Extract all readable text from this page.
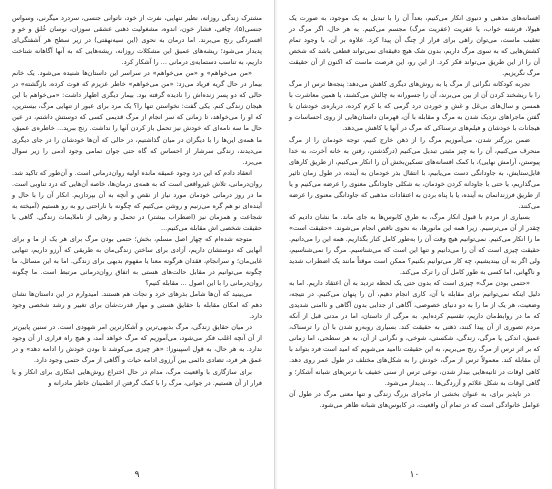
مشترک زندگی روزانه، نظیر تنهایی، نفرت از خود، ناتوانی جنسی، سردرد میگرنی، وسواس جنسی(۵)، چاقی، فشار خون، اندوه، مشغولیت ذهنی عشقی سوزان، نوسان خُلق و خو و افسردگی رنج می‌برند. اما درمان به نحوی (این سیه‌نهفتی) در زیر سطح هر آشفتگی‌ای پدیدار می‌شود؛ ریشه‌های عمیق این مشکلات روزانه، ریشه‌هایی که به آنها آگاهانه شناخت داریم، به تناسب دستمایه‌ی درمانی ... را آشکار کرد.

«من می‌خواهم» و «من می‌خواهم» در سراسر این داستان‌ها شنیده می‌شود. یک خانم بیمار در حال گریه فریاد می‌زد: «من می‌خواهم» خاطر عزیزم که فوت کرده، بازگشته» در حالی که دو پسر زنده‌اش را نادیده گرفته بود. بیمار دیگری اظهار داشت: «می‌خواهم با این هیجان زندگی کنم. یکی گفت: نخواستن تنها را؟ یک مرد برای عبور از تنهایی مرگ، بیسترین، که او را می‌خواهد، تا زمانی که سر انجام از مرگ قدیمی کسی که دوستش داشتم، در عین حال ما سه نامه‌ای که خودش نیز تحمل باز کردن آنها را نداشت. رنج ببرید... خاطره‌ی عمیق، ما همه‌ی این‌ها را با دیگران در میان گذاشتیم، در حالی که آن‌ها خودشان را در جای دیگری می‌دیدند، زندگی سرشار از احساس که گاه حتی جوان تمامی وجود آدمی را زیر سوال می‌برد.

انعقاد دادم که این درد وجود عمیقه مانده اولیه روان‌درمانی است. و آن‌طور که تاکید شد. روان‌درمانی، تلاش غیرواقعی است که به همه‌ی درمان‌ها، خاصه آن‌هایی که درد تناوبی است. ما در روز درمانی خودمان مورد نیاز از نقص و آنچه به آن بپردازیم. انکار آن را با حال و آینده‌ای نو هم گره می‌زنیم و روشن می‌کنیم که چگونه با ناراحتی رو به رو هستیم (آمیخته به شجاعت و همزمان نیز (اضطراب بیشتر) در تحمل و رهایی از ناملایمات زندگی. گاهی با حقیقت شخصی اش مقابله می‌کنیم...

متوجه شده‌ام که چهار اصل مسلم، بخش؛ حتمی بودن مرگ برای هر یک از ما و برای آنهایی که دوستشان داریم، آزادی برای ساختن زندگی‌مان به طریقی که آرزو داریم، تنهایی غایی‌مان؛ و سرانجام، فقدان هرگونه معنا یا مفهوم بدیهی برای زندگی. اما به این مسائل، ما چگونه می‌توانیم در مقابل حالت‌های هستی به اتفاق روان‌درمانی مرتبط است. ما چگونه روان‌درمانی را با این اصول ... مقابله کنیم؟

می‌بینید که آن‌ها شامل بذرهای خرد و نجات هم هستند. امیدوارم در این داستان‌ها نشان دهم که امکان مقابله با حقایق هستی و مهار قدرت‌شان برای تغییر و رشد شخصی وجود دارد.

در میان حقایق زندگی، مرگ بدیهی‌ترین و آشکارترین امر شهودی است. در سنین پایین‌تر از آن آنچه اغلب فکر می‌شود، می‌آموزیم که مرگ خواهد آمد، و هیچ راه فراری از آن وجود ندارد. به هر حال، به قول اسپینوزا: «هر چیزی می‌کوشد تا بودن خودش را ادامه دهد» و در عمق هر فرد، تضادی دائمی بین آرزوی ادامه حیات و آگاهی از مرگ حتمی وجود دارد.

برای سازگاری با واقعیت مرگ، مدام در حال اختراع روش‌هایی ابتکاری برای انکار و یا فرار از آن هستیم. در جوانی، مرگ را با کمک گرفتن از اطمینان خاطر مادرانه و

۹

افسانه‌های مذهبی و دنیوی انکار می‌کنیم، بعداً آن را با تبدیل به یک موجود، به صورت یک هیولا، فرشته خواب، یا عفریت (عفریت مرگ) مجسم می‌کنیم. به هر حال، اگر مرگ در تعقیب ماست، می‌توان راهی برای فرار از چنگ آن پیدا کرد. علاوه بر آن، با وجود تمام کشش‌هایی که به سوی مرگ داریم، بدون شک هیچ دقیقه‌ای نمی‌تواند قطعی باشد که شخص آن را از این طریق می‌تواند فکر کرد. از این رو، این فرصت ماست که اکنون از آن حقیقت مرگ نگریزیم.

تجربه کودکانه نگرانی از مرگ یا به روش‌های دیگری کاهش می‌دهد: پنجه‌ها ترس از مرگ را با ریشخند کردن آن از بین می‌برند، آن را جسورانه به چالش می‌کشند، یا همین معاشرت با همسن و سال‌های بی‌غل و غش و خوردن درد گرمی که با کرم کرده، درباره‌ی خودشان با گفتن ماجراهای نزدیک شدن به مرگ و مقابله با آن، قهرمان داستان‌هایی از روی احساسات و هیجانات با خودشان و فیلم‌های ترسناکی که مرگ در آنها یا کاهش می‌دهد.

ضمن بزرگتر شدن، می‌آموزیم مرگ را از ذهن خارج کنیم، توجه خودمان را از مرگ منحرف می‌کنیم، آن را به چیز مثبتی تبدیل می‌کنیم (درگذشتن، رفتن به خانه آخرت، به خدا پیوستن، آرامش نهایی)، با کمک افسانه‌های تسکین‌بخش آن را انکار می‌کنیم، از طریق کارهای قابل‌ستایش، به جاودانگی دست می‌یابیم، با انتقال بذر خودمان به آینده، در طول زمان تاثیر می‌گذاریم، یا حتی با جاودانه کردن خودمان، به شکلی جاودانگی معنوی را عرضه می‌کنیم و یا از طریق فرزندانمان به آینده، یا با پناه بردن به اعتقادات مذهبی که جاودانگی معنوی را عرضه می‌کنند.

بسیاری از مردم با قبول انکار مرگ، به طرق کابوس‌ها به جای ماند. ما نشان دادیم که چقدر از آن می‌ترسیم. زیرا همه این مانورها، به نحوی ناقص انجام می‌شوند. «حقیقت است» ما را انکار می‌کنیم. نمی‌توانیم هیچ وقت آن را به‌طور کامل کنار بگذاریم. همه این را می‌دانیم. حقیقت چیزی است که آن را می‌دانیم و تنها این است که می‌شناسیم. مرگ را نمی‌شناسیم، ولی اگر به آن بیندیشیم، چه کار می‌توانیم بکنیم؟ ممکن است موقتاً مانند یک اضطراب شدید و ناگهانی، اما کسی به طور کامل آن را ترک می‌کند.

«حتمی بودن مرگ» چیزی است که بدون حتی یک لحظه تردید به آن اعتقاد داریم. اما به دلیل اینکه نمی‌توانیم برای مقابله با آن، کاری انجام دهیم، آن را پنهان می‌کنیم. در نتیجه، وضعیت، هر یک از ما را به دو دنیای خصوصی، آگاهی از جدایی بدون آگاهی و ناامنی شدیدی که ما در روابط‌مان داریم، تقسیم کرده‌ایم. به مرگی از داستان، اما در مدتی قبل از آنکه مردم تصوری از آن پیدا کنند، ذهنی به حقیقت کند. بسیاری روبه‌رو شدن با آن را ترسناک، عمیق، اندکی یا مرگی، زندگی، شکستی، شوخی، و نگرانی از آن، به هر سطحی، اما زمانی که بر اثر ترس از مرگ رنج می‌بریم، به این حقیقت ناامید می‌شویم که امید است فرد بتواند با آن مقابله کند. معمولاً ترس از مرگ، خودش را به شکل‌های مختلف در طول عمر روی دهد. کاهی اوقات در ثانیه‌هایی بیدار شدن، نوعی ترس از سنی خفیف با ترس‌های شبانه آشکار؛ و گاهی اوقات به شکل علائم و آزردگی‌ها ... پدیدار می‌شود.

در ناپذیر برای، به عنوان بخشی از ماجرای بزرگ زندگی و تنها معنی مرگ در طول آن عوامل خانوادگی است که در تمام آن واقعیت، در کابوس‌های شبانه ظاهر می‌شود.

۱۰
